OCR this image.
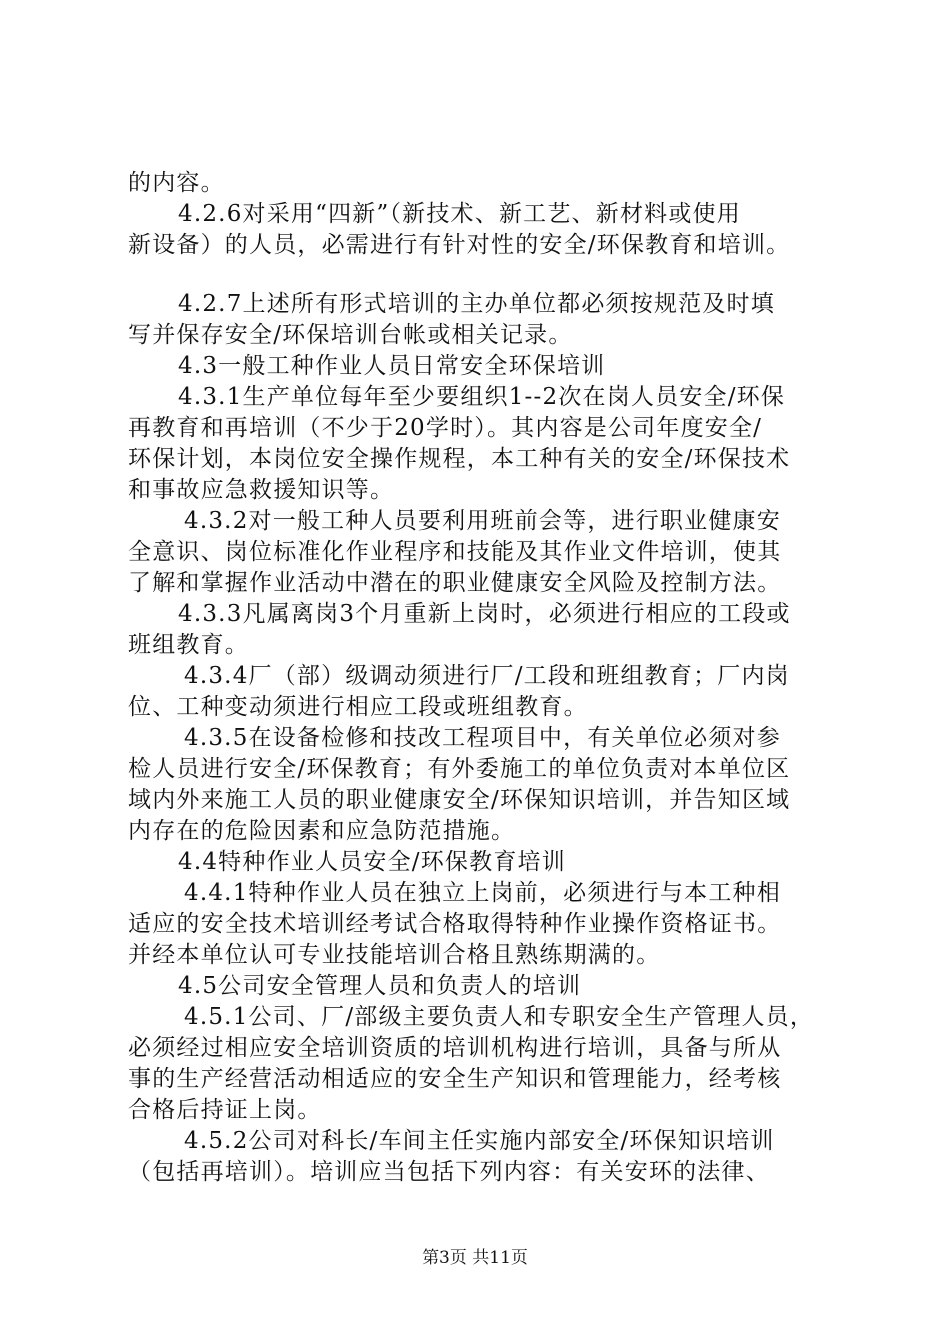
的内容。
4.2.6对采用“四新”（新技术、新工艺、新材料或使用
新设备）的人员，必需进行有针对性的安全/环保教育和培训。
4.2.7上述所有形式培训的主办单位都必须按规范及时填
写并保存安全/环保培训台帐或相关记录。
4.3一般工种作业人员日常安全环保培训
4.3.1生产单位每年至少要组织1--2次在岗人员安全/环保
再教育和再培训（不少于20学时）。其内容是公司年度安全/
环保计划，本岗位安全操作规程，本工种有关的安全/环保技术
和事故应急救援知识等。
4.3.2对一般工种人员要利用班前会等，进行职业健康安
全意识、岗位标准化作业程序和技能及其作业文件培训，使其
了解和掌握作业活动中潜在的职业健康安全风险及控制方法。
4.3.3凡属离岗3个月重新上岗时，必须进行相应的工段或
班组教育。
4.3.4厂（部）级调动须进行厂/工段和班组教育；厂内岗
位、工种变动须进行相应工段或班组教育。
4.3.5在设备检修和技改工程项目中，有关单位必须对参
检人员进行安全/环保教育；有外委施工的单位负责对本单位区
域内外来施工人员的职业健康安全/环保知识培训，并告知区域
内存在的危险因素和应急防范措施。
4.4特种作业人员安全/环保教育培训
4.4.1特种作业人员在独立上岗前，必须进行与本工种相
适应的安全技术培训经考试合格取得特种作业操作资格证书。
并经本单位认可专业技能培训合格且熟练期满的。
4.5公司安全管理人员和负责人的培训
4.5.1公司、厂/部级主要负责人和专职安全生产管理人员，
必须经过相应安全培训资质的培训机构进行培训，具备与所从
事的生产经营活动相适应的安全生产知识和管理能力，经考核
合格后持证上岗。
4.5.2公司对科长/车间主任实施内部安全/环保知识培训
（包括再培训）。培训应当包括下列内容：有关安环的法律、
第3页 共11页
